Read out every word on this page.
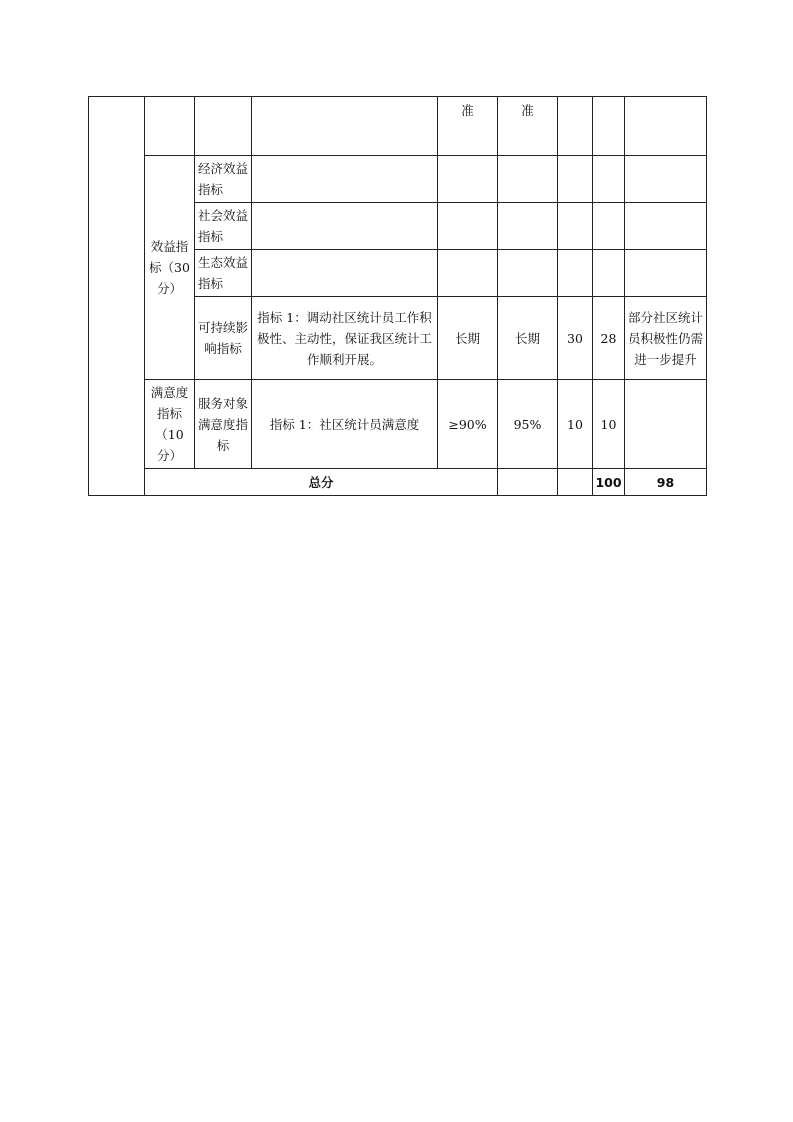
				准	准				
	效益指标（30分）	经济效益指标							
		社会效益指标							
		生态效益指标							
		可持续影响指标	指标 1：调动社区统计员工作积极性、主动性，保证我区统计工作顺利开展。	长期	长期	30	28	部分社区统计员积极性仍需进一步提升	
	满意度指标（10分）	服务对象满意度指标	指标 1：社区统计员满意度	≥90%	95%	10	10		
	总分						100	98	
